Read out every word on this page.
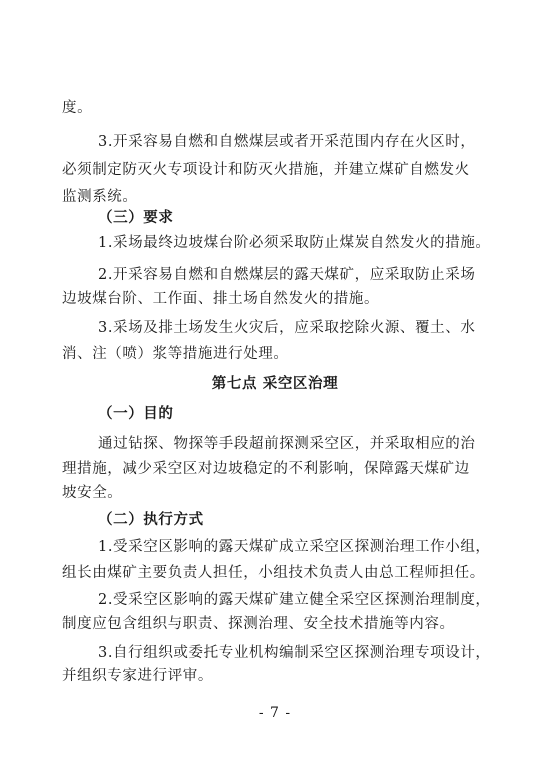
度。
3.开采容易自燃和自燃煤层或者开采范围内存在火区时，
必须制定防灭火专项设计和防灭火措施，并建立煤矿自燃发火
监测系统。
（三）要求
1.采场最终边坡煤台阶必须采取防止煤炭自然发火的措施。
2.开采容易自燃和自燃煤层的露天煤矿，应采取防止采场
边坡煤台阶、工作面、排土场自然发火的措施。
3.采场及排土场发生火灾后，应采取挖除火源、覆土、水
消、注（喷）浆等措施进行处理。
第七点 采空区治理
（一）目的
通过钻探、物探等手段超前探测采空区，并采取相应的治
理措施，减少采空区对边坡稳定的不利影响，保障露天煤矿边
坡安全。
（二）执行方式
1.受采空区影响的露天煤矿成立采空区探测治理工作小组，
组长由煤矿主要负责人担任，小组技术负责人由总工程师担任。
2.受采空区影响的露天煤矿建立健全采空区探测治理制度，
制度应包含组织与职责、探测治理、安全技术措施等内容。
3.自行组织或委托专业机构编制采空区探测治理专项设计，
并组织专家进行评审。
- 7 -
